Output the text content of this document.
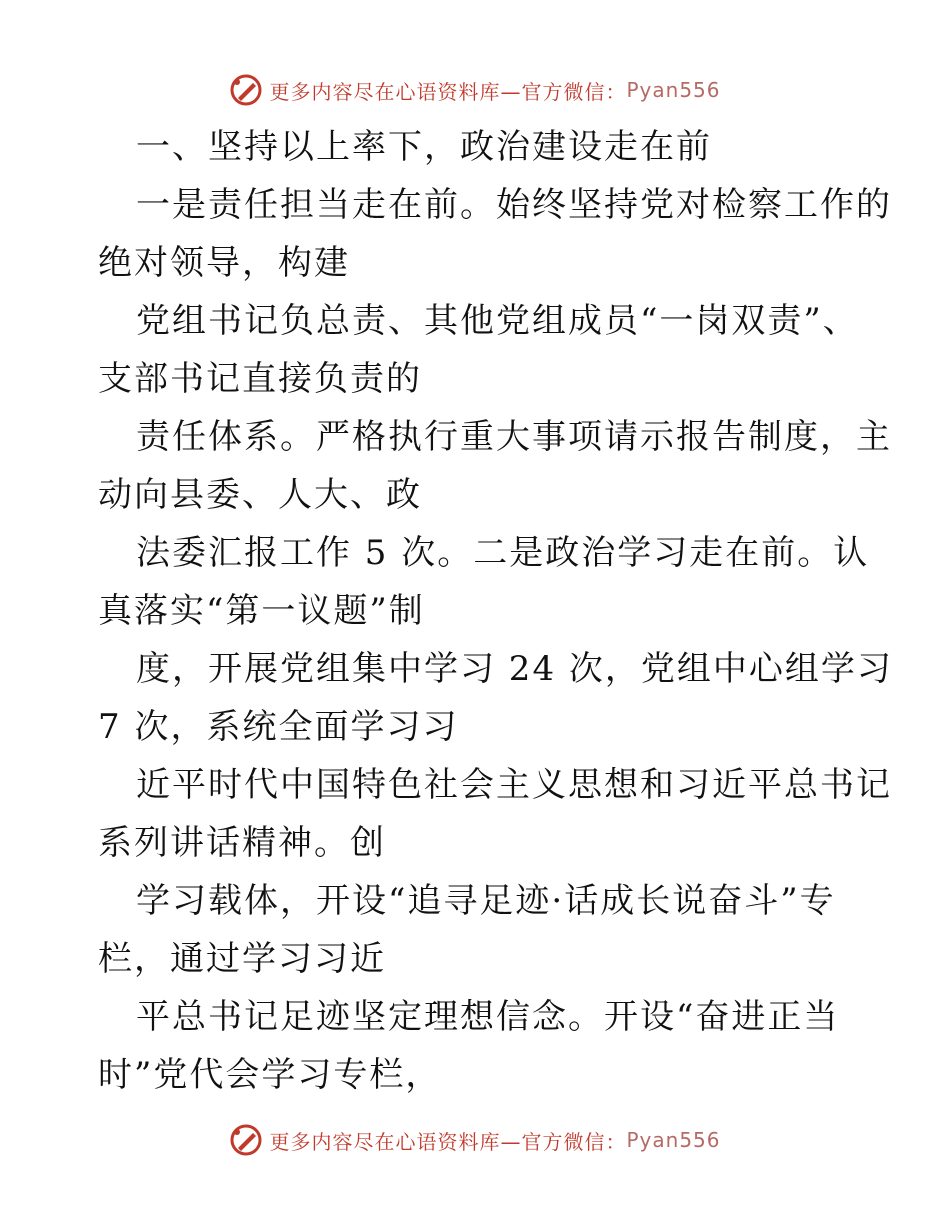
更多内容尽在心语资料库—官方微信： Pyan556
一、坚持以上率下，政治建设走在前
一是责任担当走在前。始终坚持党对检察工作的
绝对领导，构建
党组书记负总责、其他党组成员“一岗双责”、
支部书记直接负责的
责任体系。严格执行重大事项请示报告制度，主
动向县委、人大、政
法委汇报工作 5 次。二是政治学习走在前。认
真落实“第一议题”制
度，开展党组集中学习 24 次，党组中心组学习
7 次，系统全面学习习
近平时代中国特色社会主义思想和习近平总书记
系列讲话精神。创
学习载体，开设“追寻足迹·话成长说奋斗”专
栏，通过学习习近
平总书记足迹坚定理想信念。开设“奋进正当
时”党代会学习专栏，
更多内容尽在心语资料库—官方微信： Pyan556
